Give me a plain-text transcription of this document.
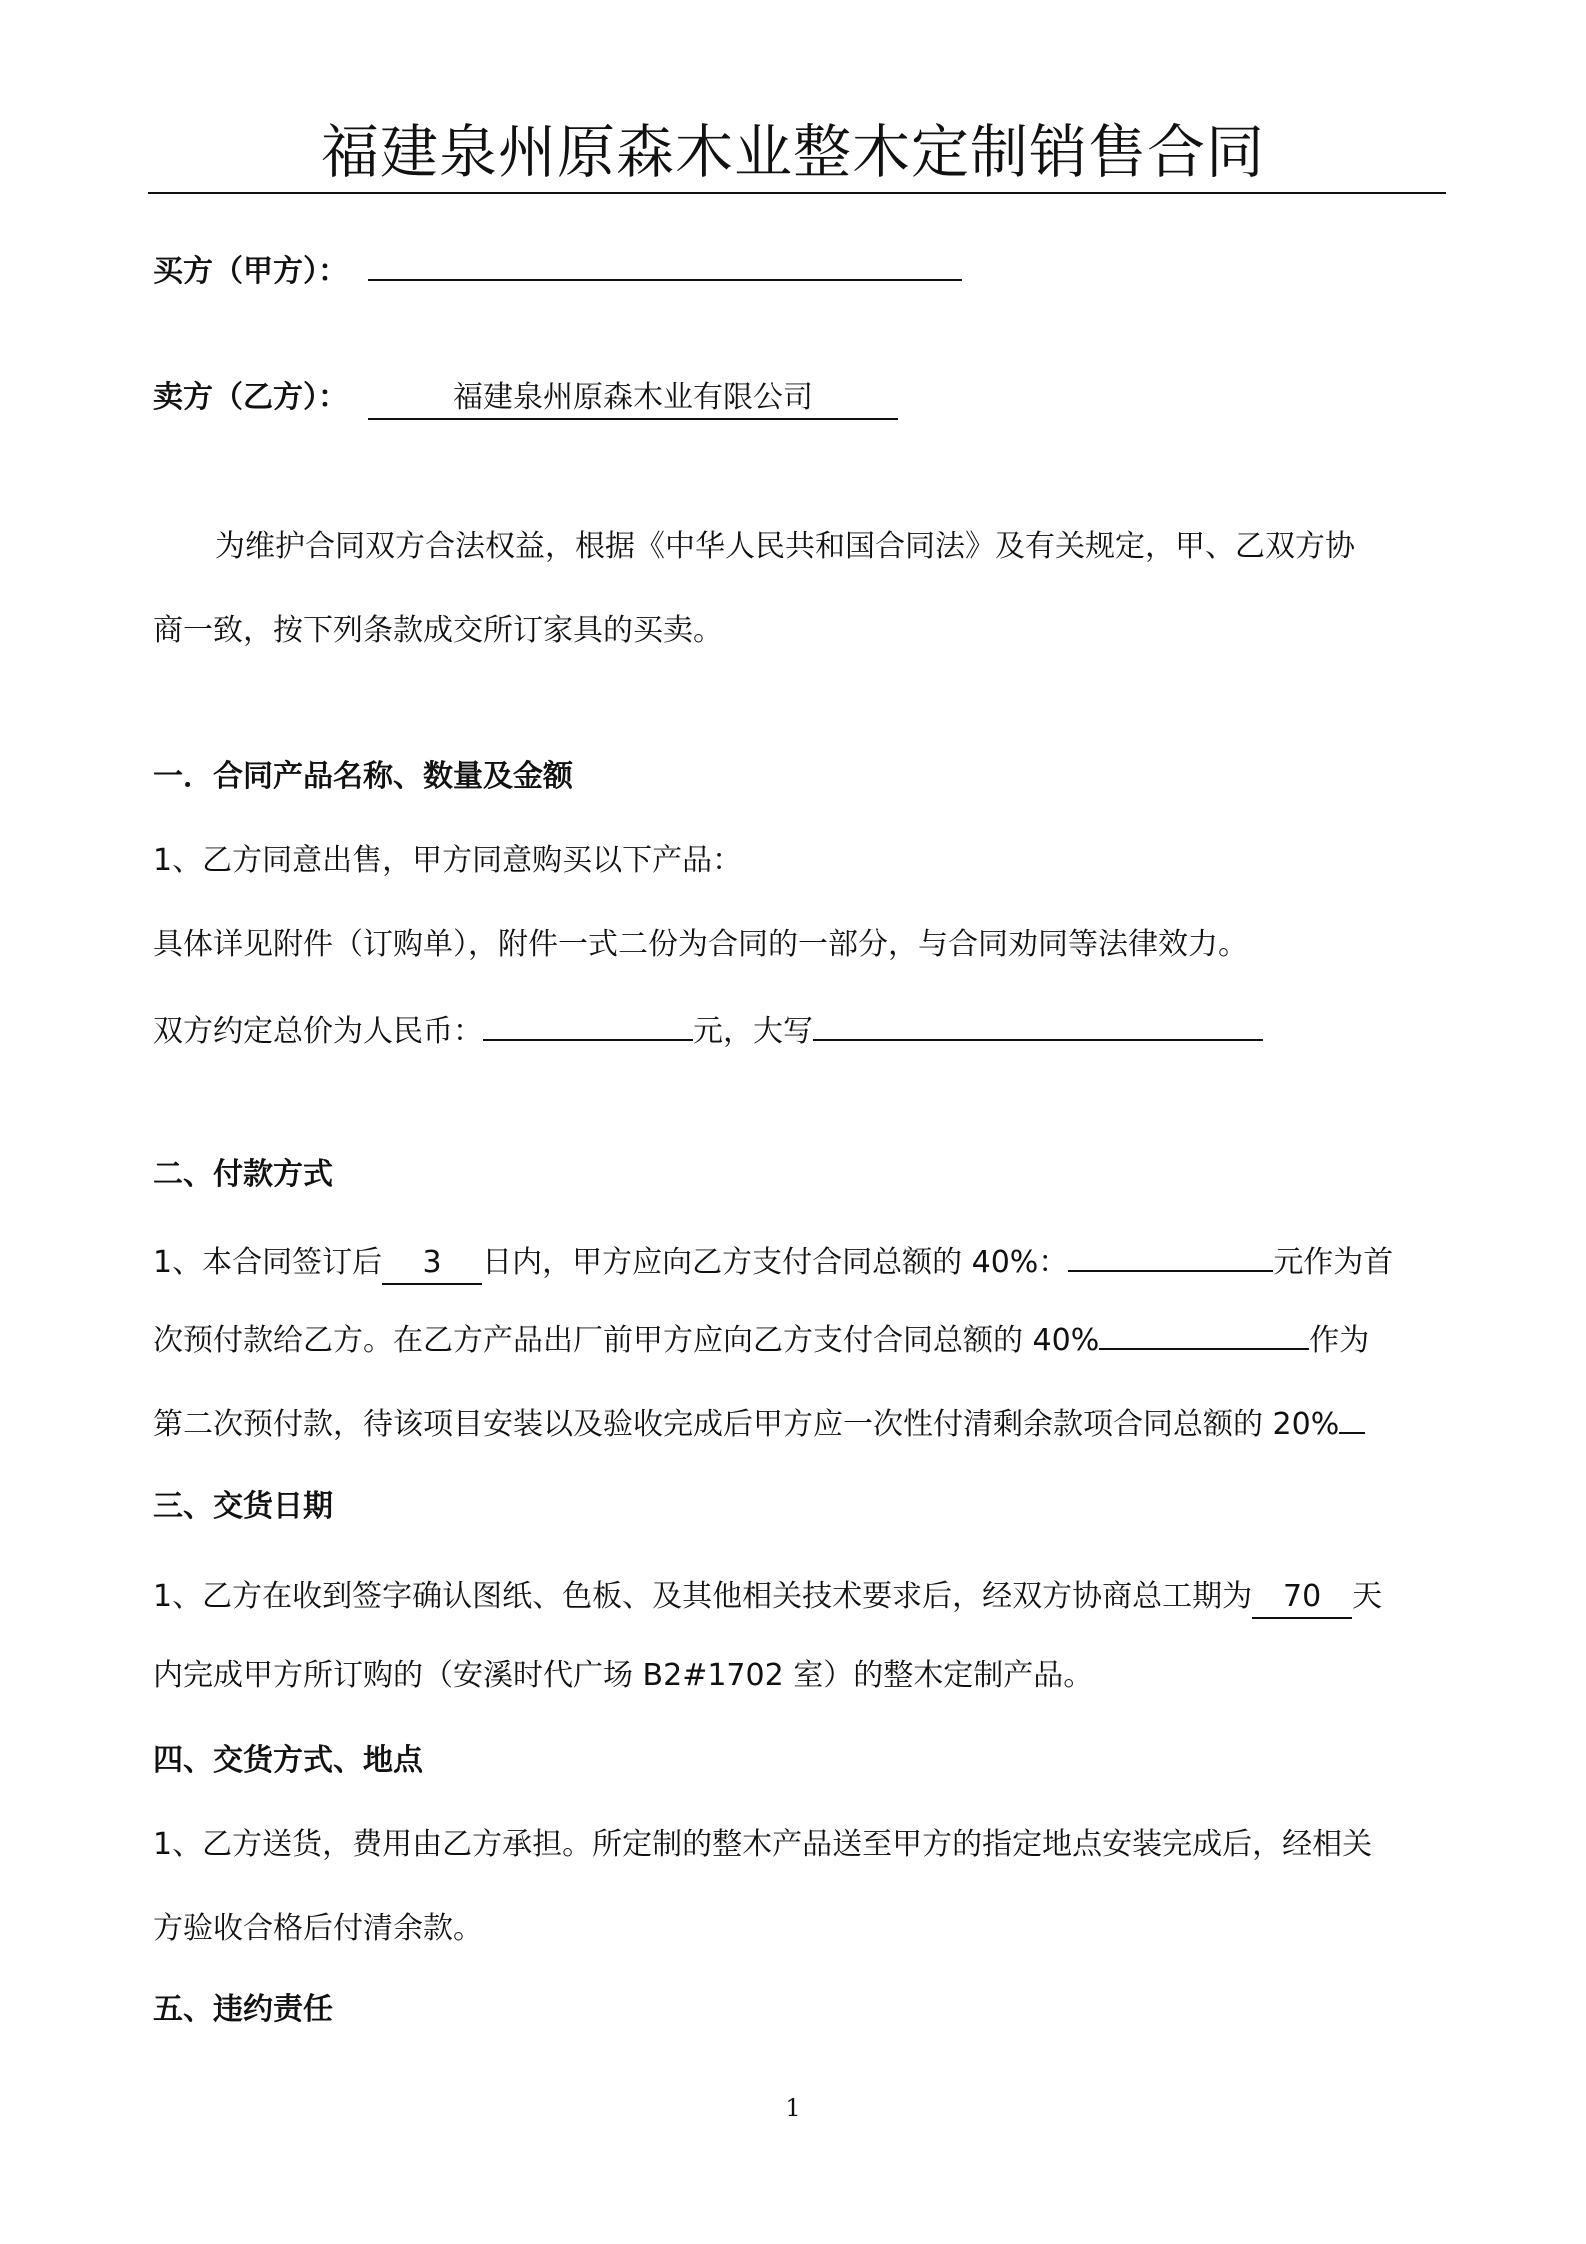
福建泉州原森木业整木定制销售合同
买方（甲方）：
卖方（乙方）：	福建泉州原森木业有限公司
为维护合同双方合法权益，根据《中华人民共和国合同法》及有关规定，甲、乙双方协
商一致，按下列条款成交所订家具的买卖。
一．合同产品名称、数量及金额
1、乙方同意出售，甲方同意购买以下产品：
具体详见附件（订购单），附件一式二份为合同的一部分，与合同劝同等法律效力。
双方约定总价为人民币：	元，大写
二、付款方式
1、本合同签订后 3 日内，甲方应向乙方支付合同总额的 40%：	元作为首
次预付款给乙方。在乙方产品出厂前甲方应向乙方支付合同总额的 40%	作为
第二次预付款，待该项目安装以及验收完成后甲方应一次性付清剩余款项合同总额的 20%
三、交货日期
1、乙方在收到签字确认图纸、色板、及其他相关技术要求后，经双方协商总工期为 70 天
内完成甲方所订购的（安溪时代广场 B2#1702 室）的整木定制产品。
四、交货方式、地点
1、乙方送货，费用由乙方承担。所定制的整木产品送至甲方的指定地点安装完成后，经相关
方验收合格后付清余款。
五、违约责任
1
